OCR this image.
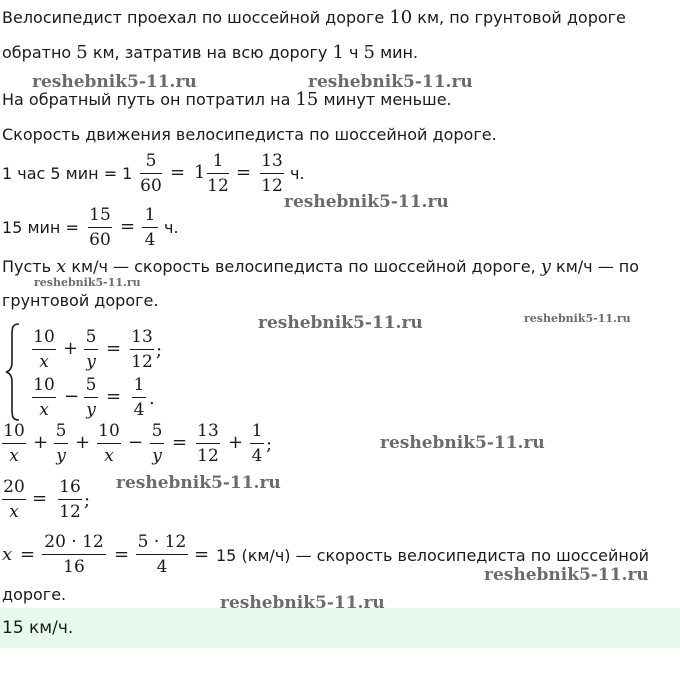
Велосипедист проехал по шоссейной дороге 10 км, по грунтовой дороге
обратно 5 км, затратив на всю дорогу 1 ч 5 мин.
На обратный путь он потратил на 15 минут меньше.
Скорость движения велосипедиста по шоссейной дороге.
1 час 5 мин = 1
5
60
= 1
1
12
=
13
12
ч.
15 мин =
15
60
=
1
4
ч.
Пусть x км/ч — скорость велосипедиста по шоссейной дороге, y км/ч — по
грунтовой дороге.
10
x
+
5
y
=
13
12
;
10
x
−
5
y
=
1
4
.
10
x
+
5
y
+
10
x
−
5
y
=
13
12
+
1
4
;
20
x
=
16
12
;
x =
20 · 12
16
=
5 · 12
4
= 15 (км/ч) — скорость велосипедиста по шоссейной
дороге.
15 км/ч.
reshebnik5-11.ru	reshebnik5-11.ru
reshebnik5-11.ru
reshebnik5-11.ru
reshebnik5-11.ru	reshebnik5-11.ru
reshebnik5-11.ru
reshebnik5-11.ru
reshebnik5-11.ru
reshebnik5-11.ru
